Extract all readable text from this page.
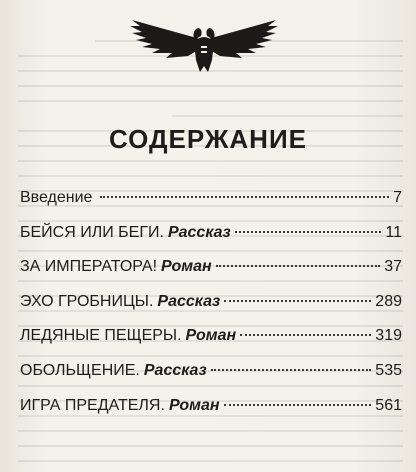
СОДЕРЖАНИЕ
Введение	7
БЕЙСЯ ИЛИ БЕГИ. Рассказ	11
ЗА ИМПЕРАТОРА! Роман	37
ЭХО ГРОБНИЦЫ. Рассказ	289
ЛЕДЯНЫЕ ПЕЩЕРЫ. Роман	319
ОБОЛЬЩЕНИЕ. Рассказ	535
ИГРА ПРЕДАТЕЛЯ. Роман	561
